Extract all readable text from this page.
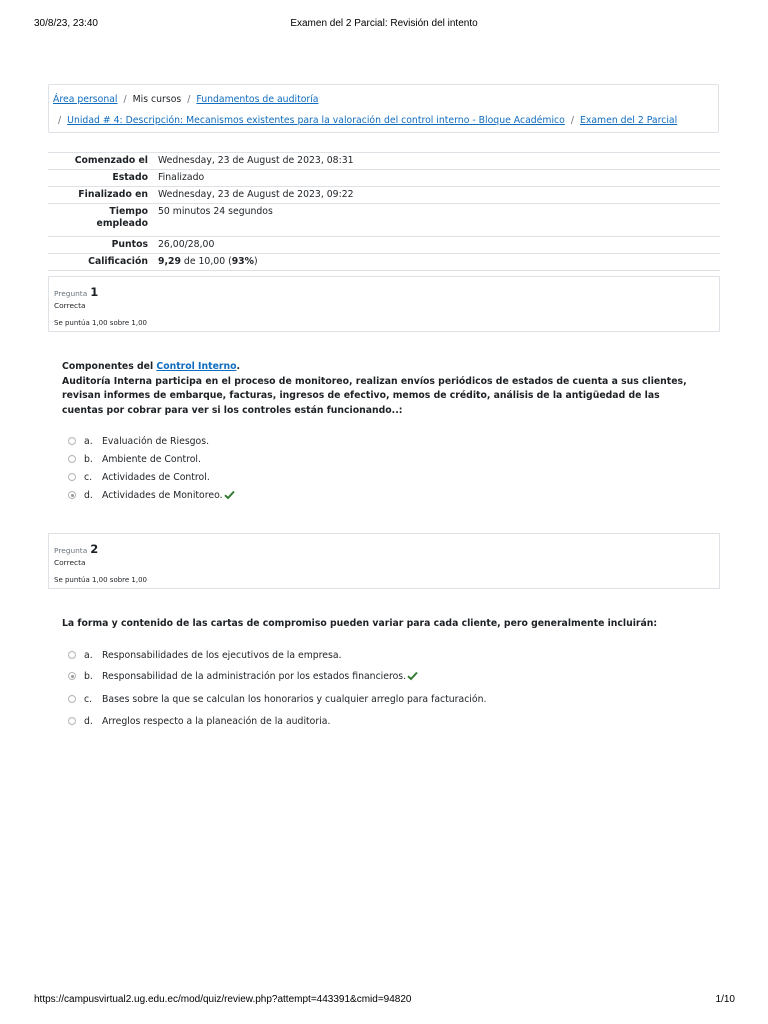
30/8/23, 23:40	Examen del 2 Parcial: Revisión del intento
Área personal / Mis cursos / Fundamentos de auditoría
/ Unidad # 4: Descripción: Mecanismos existentes para la valoración del control interno - Bloque Académico / Examen del 2 Parcial
Comenzado el	Wednesday, 23 de August de 2023, 08:31
Estado	Finalizado
Finalizado en	Wednesday, 23 de August de 2023, 09:22
Tiempo
empleado	50 minutos 24 segundos
Puntos	26,00/28,00
Calificación	9,29 de 10,00 (93%)
Pregunta 1
Correcta
Se puntúa 1,00 sobre 1,00
Componentes del Control Interno.
Auditoría Interna participa en el proceso de monitoreo, realizan envíos periódicos de estados de cuenta a sus clientes, revisan informes de embarque, facturas, ingresos de efectivo, memos de crédito, análisis de la antigüedad de las cuentas por cobrar para ver si los controles están funcionando..:
a. Evaluación de Riesgos.
b. Ambiente de Control.
c. Actividades de Control.
d. Actividades de Monitoreo.
Pregunta 2
Correcta
Se puntúa 1,00 sobre 1,00
La forma y contenido de las cartas de compromiso pueden variar para cada cliente, pero generalmente incluirán:
a. Responsabilidades de los ejecutivos de la empresa.
b. Responsabilidad de la administración por los estados financieros.
c. Bases sobre la que se calculan los honorarios y cualquier arreglo para facturación.
d. Arreglos respecto a la planeación de la auditoria.
https://campusvirtual2.ug.edu.ec/mod/quiz/review.php?attempt=443391&cmid=94820	1/10
